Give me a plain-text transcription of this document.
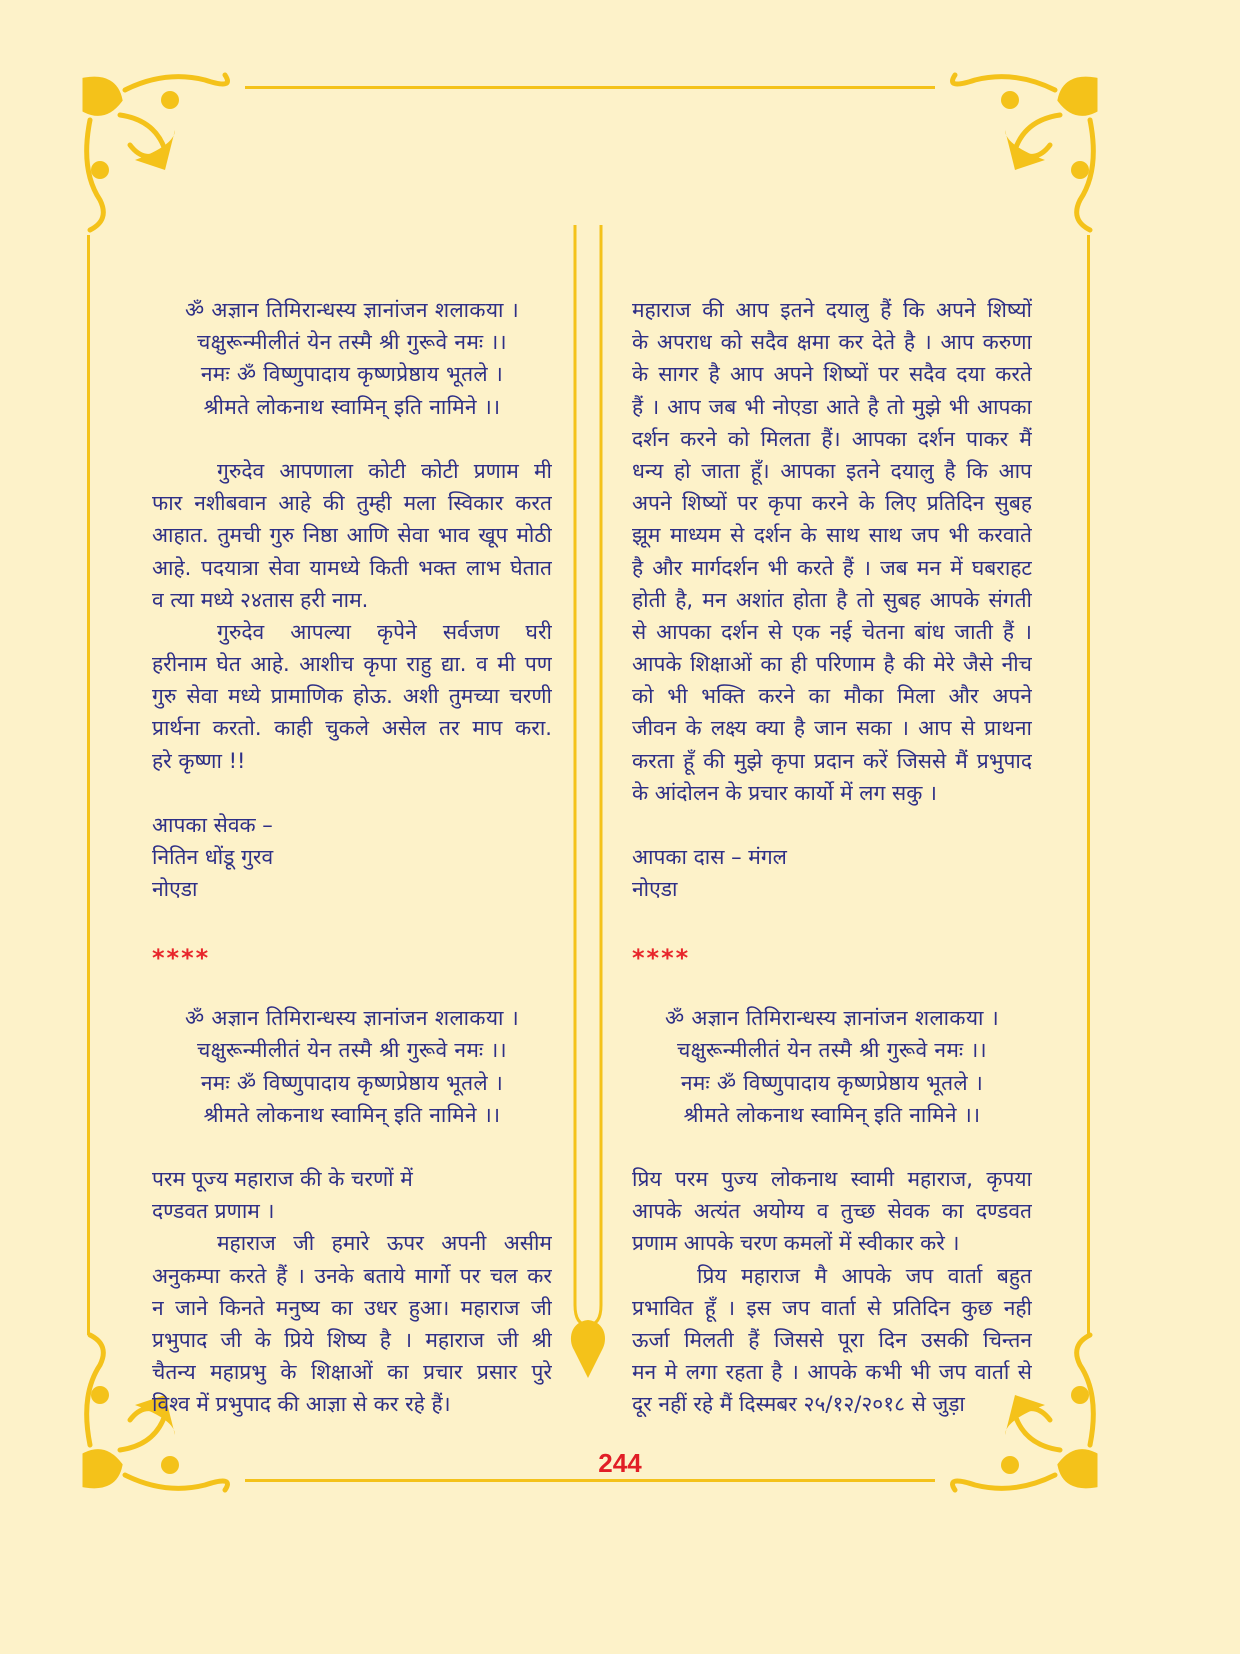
ॐ अज्ञान तिमिरान्धस्य ज्ञानांजन शलाकया ।
चक्षुरून्मीलीतं येन तस्मै श्री गुरूवे नमः ।।
नमः ॐ विष्णुपादाय कृष्णप्रेष्ठाय भूतले ।
श्रीमते लोकनाथ स्वामिन् इति नामिने ।।
गुरुदेव आपणाला कोटी कोटी प्रणाम मी
फार नशीबवान आहे की तुम्ही मला स्विकार करत
आहात. तुमची गुरु निष्ठा आणि सेवा भाव खूप मोठी
आहे. पदयात्रा सेवा यामध्ये किती भक्त लाभ घेतात
व त्या मध्ये २४तास हरी नाम.
गुरुदेव आपल्या कृपेने सर्वजण घरी
हरीनाम घेत आहे. आशीच कृपा राहु द्या. व मी पण
गुरु सेवा मध्ये प्रामाणिक होऊ. अशी तुमच्या चरणी
प्रार्थना करतो. काही चुकले असेल तर माप करा.
हरे कृष्णा !!
आपका सेवक –
नितिन धोंडू गुरव
नोएडा
****
ॐ अज्ञान तिमिरान्धस्य ज्ञानांजन शलाकया ।
चक्षुरून्मीलीतं येन तस्मै श्री गुरूवे नमः ।।
नमः ॐ विष्णुपादाय कृष्णप्रेष्ठाय भूतले ।
श्रीमते लोकनाथ स्वामिन् इति नामिने ।।
परम पूज्य महाराज की के चरणों में
दण्डवत प्रणाम ।
महाराज जी हमारे ऊपर अपनी असीम
अनुकम्पा करते हैं । उनके बताये मार्गो पर चल कर
न जाने किनते मनुष्य का उधर हुआ। महाराज जी
प्रभुपाद जी के प्रिये शिष्य है । महाराज जी श्री
चैतन्य महाप्रभु के शिक्षाओं का प्रचार प्रसार पुरे
विश्व में प्रभुपाद की आज्ञा से कर रहे हैं।
महाराज की आप इतने दयालु हैं कि अपने शिष्यों
के अपराध को सदैव क्षमा कर देते है । आप करुणा
के सागर है आप अपने शिष्यों पर सदैव दया करते
हैं । आप जब भी नोएडा आते है तो मुझे भी आपका
दर्शन करने को मिलता हैं। आपका दर्शन पाकर मैं
धन्य हो जाता हूँ। आपका इतने दयालु है कि आप
अपने शिष्यों पर कृपा करने के लिए प्रतिदिन सुबह
झूम माध्यम से दर्शन के साथ साथ जप भी करवाते
है और मार्गदर्शन भी करते हैं । जब मन में घबराहट
होती है, मन अशांत होता है तो सुबह आपके संगती
से आपका दर्शन से एक नई चेतना बांध जाती हैं ।
आपके शिक्षाओं का ही परिणाम है की मेरे जैसे नीच
को भी भक्ति करने का मौका मिला और अपने
जीवन के लक्ष्य क्या है जान सका । आप से प्राथना
करता हूँ की मुझे कृपा प्रदान करें जिससे मैं प्रभुपाद
के आंदोलन के प्रचार कार्यो में लग सकु ।
आपका दास – मंगल
नोएडा
****
ॐ अज्ञान तिमिरान्धस्य ज्ञानांजन शलाकया ।
चक्षुरून्मीलीतं येन तस्मै श्री गुरूवे नमः ।।
नमः ॐ विष्णुपादाय कृष्णप्रेष्ठाय भूतले ।
श्रीमते लोकनाथ स्वामिन् इति नामिने ।।
प्रिय परम पुज्य लोकनाथ स्वामी महाराज, कृपया
आपके अत्यंत अयोग्य व तुच्छ सेवक का दण्डवत
प्रणाम आपके चरण कमलों में स्वीकार करे ।
प्रिय महाराज मै आपके जप वार्ता बहुत
प्रभावित हूँ । इस जप वार्ता से प्रतिदिन कुछ नही
ऊर्जा मिलती हैं जिससे पूरा दिन उसकी चिन्तन
मन मे लगा रहता है । आपके कभी भी जप वार्ता से
दूर नहीं रहे मैं दिस्मबर २५/१२/२०१८ से जुड़ा
244
